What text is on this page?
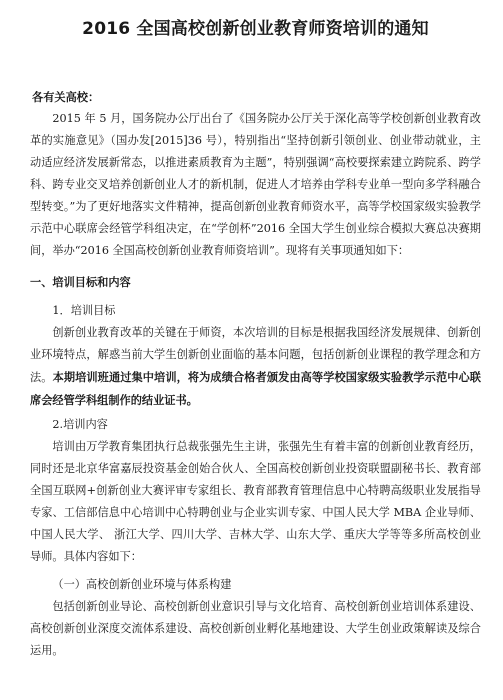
2016 全国高校创新创业教育师资培训的通知
各有关高校：

2015 年 5 月，国务院办公厅出台了《国务院办公厅关于深化高等学校创新创业教育改革的实施意见》（国办发[2015]36 号），特别指出“坚持创新引领创业、创业带动就业，主动适应经济发展新常态，以推进素质教育为主题”，特别强调“高校要探索建立跨院系、跨学科、跨专业交叉培养创新创业人才的新机制，促进人才培养由学科专业单一型向多学科融合型转变。”为了更好地落实文件精神，提高创新创业教育师资水平，高等学校国家级实验教学示范中心联席会经管学科组决定，在“学创杯”2016 全国大学生创业综合模拟大赛总决赛期间，举办“2016 全国高校创新创业教育师资培训”。现将有关事项通知如下：

一、培训目标和内容
1．培训目标

创新创业教育改革的关键在于师资，本次培训的目标是根据我国经济发展规律、创新创业环境特点，解惑当前大学生创新创业面临的基本问题，包括创新创业课程的教学理念和方法。本期培训班通过集中培训，将为成绩合格者颁发由高等学校国家级实验教学示范中心联席会经管学科组制作的结业证书。

2.培训内容

培训由万学教育集团执行总裁张强先生主讲，张强先生有着丰富的创新创业教育经历，同时还是北京华富嘉辰投资基金创始合伙人、全国高校创新创业投资联盟副秘书长、教育部全国互联网+创新创业大赛评审专家组长、教育部教育管理信息中心特聘高级职业发展指导专家、工信部信息中心培训中心特聘创业与企业实训专家、中国人民大学 MBA 企业导师、中国人民大学、 浙江大学、四川大学、吉林大学、山东大学、重庆大学等等多所高校创业导师。具体内容如下：

（一）高校创新创业环境与体系构建

包括创新创业导论、高校创新创业意识引导与文化培育、高校创新创业培训体系建设、高校创新创业深度交流体系建设、高校创新创业孵化基地建设、大学生创业政策解读及综合运用。
